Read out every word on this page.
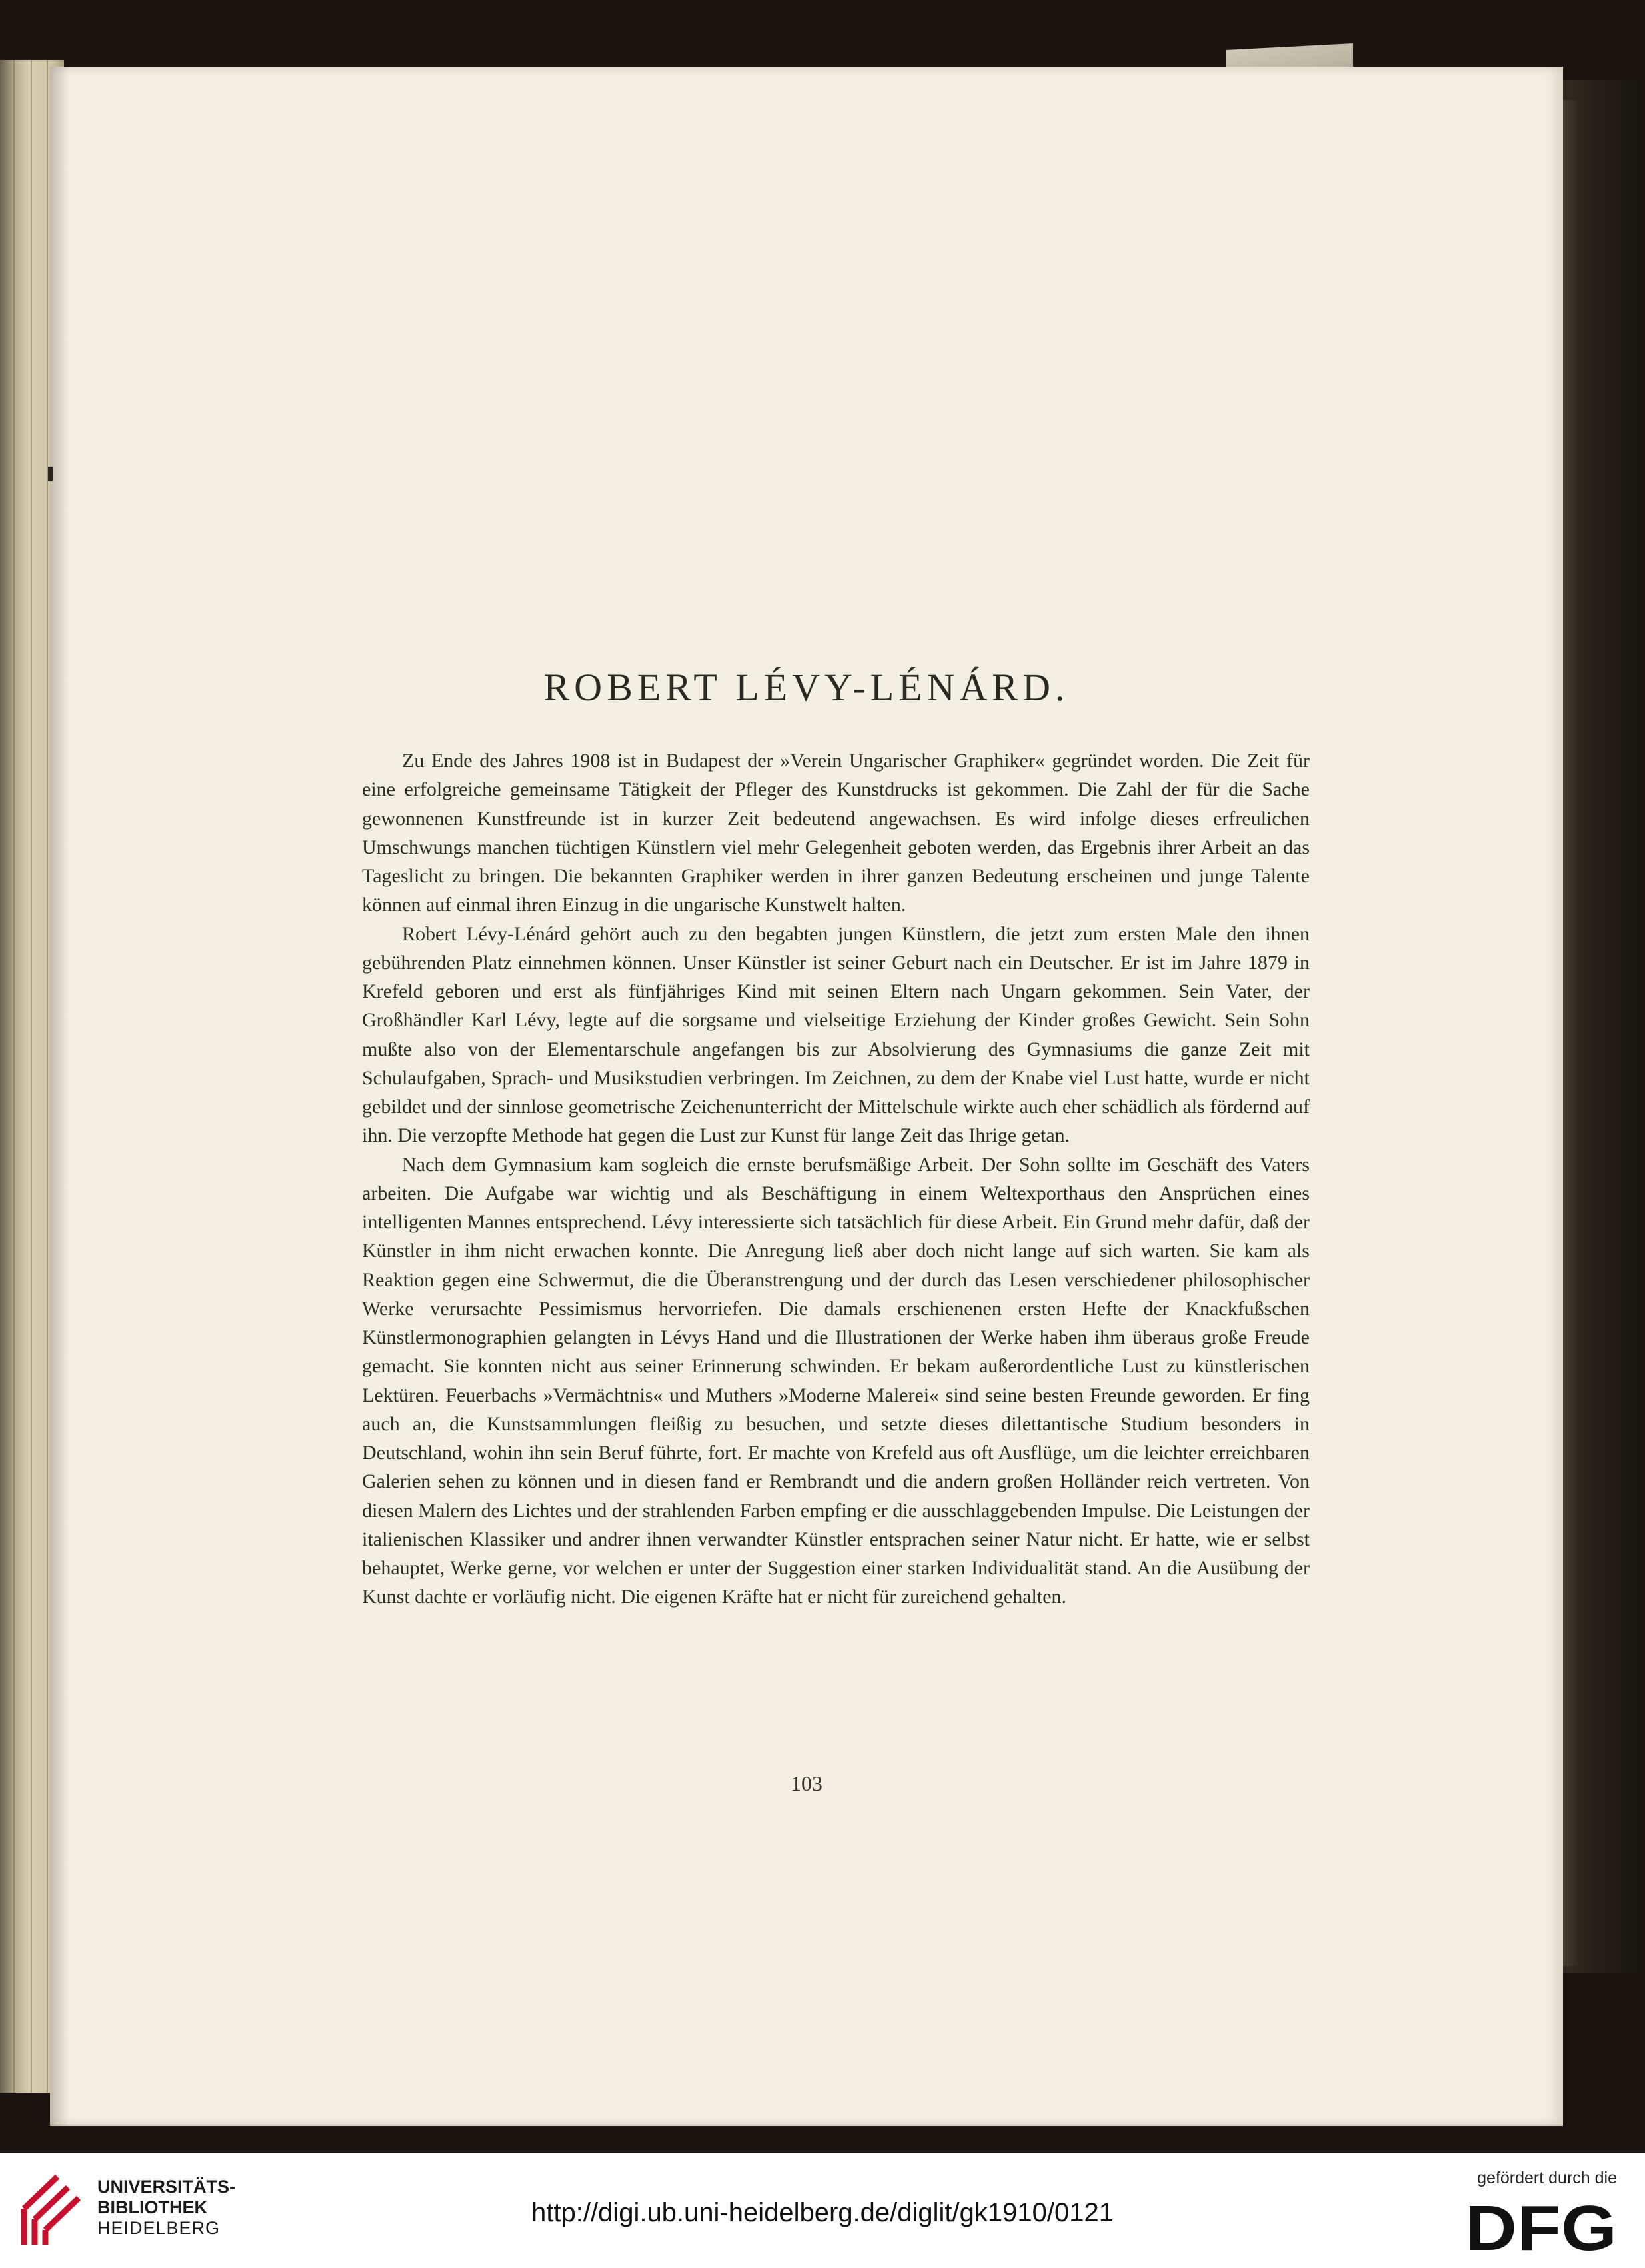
ROBERT LÉVY-LÉNÁRD.

Zu Ende des Jahres 1908 ist in Budapest der »Verein Ungarischer Graphiker« gegründet worden. Die Zeit für eine erfolgreiche gemeinsame Tätigkeit der Pfleger des Kunstdrucks ist gekommen. Die Zahl der für die Sache gewonnenen Kunstfreunde ist in kurzer Zeit bedeutend angewachsen. Es wird infolge dieses erfreulichen Umschwungs manchen tüchtigen Künstlern viel mehr Gelegenheit geboten werden, das Ergebnis ihrer Arbeit an das Tageslicht zu bringen. Die bekannten Graphiker werden in ihrer ganzen Bedeutung erscheinen und junge Talente können auf einmal ihren Einzug in die ungarische Kunstwelt halten.

Robert Lévy-Lénárd gehört auch zu den begabten jungen Künstlern, die jetzt zum ersten Male den ihnen gebührenden Platz einnehmen können. Unser Künstler ist seiner Geburt nach ein Deutscher. Er ist im Jahre 1879 in Krefeld geboren und erst als fünfjähriges Kind mit seinen Eltern nach Ungarn gekommen. Sein Vater, der Großhändler Karl Lévy, legte auf die sorgsame und vielseitige Erziehung der Kinder großes Gewicht. Sein Sohn mußte also von der Elementarschule angefangen bis zur Absolvierung des Gymnasiums die ganze Zeit mit Schulaufgaben, Sprach- und Musikstudien verbringen. Im Zeichnen, zu dem der Knabe viel Lust hatte, wurde er nicht gebildet und der sinnlose geometrische Zeichenunterricht der Mittelschule wirkte auch eher schädlich als fördernd auf ihn. Die verzopfte Methode hat gegen die Lust zur Kunst für lange Zeit das Ihrige getan.

Nach dem Gymnasium kam sogleich die ernste berufsmäßige Arbeit. Der Sohn sollte im Geschäft des Vaters arbeiten. Die Aufgabe war wichtig und als Beschäftigung in einem Weltexporthaus den Ansprüchen eines intelligenten Mannes entsprechend. Lévy interessierte sich tatsächlich für diese Arbeit. Ein Grund mehr dafür, daß der Künstler in ihm nicht erwachen konnte. Die Anregung ließ aber doch nicht lange auf sich warten. Sie kam als Reaktion gegen eine Schwermut, die die Überanstrengung und der durch das Lesen verschiedener philosophischer Werke verursachte Pessimismus hervorriefen. Die damals erschienenen ersten Hefte der Knackfußschen Künstlermonographien gelangten in Lévys Hand und die Illustrationen der Werke haben ihm überaus große Freude gemacht. Sie konnten nicht aus seiner Erinnerung schwinden. Er bekam außerordentliche Lust zu künstlerischen Lektüren. Feuerbachs »Vermächtnis« und Muthers »Moderne Malerei« sind seine besten Freunde geworden. Er fing auch an, die Kunstsammlungen fleißig zu besuchen, und setzte dieses dilettantische Studium besonders in Deutschland, wohin ihn sein Beruf führte, fort. Er machte von Krefeld aus oft Ausflüge, um die leichter erreichbaren Galerien sehen zu können und in diesen fand er Rembrandt und die andern großen Holländer reich vertreten. Von diesen Malern des Lichtes und der strahlenden Farben empfing er die ausschlaggebenden Impulse. Die Leistungen der italienischen Klassiker und andrer ihnen verwandter Künstler entsprachen seiner Natur nicht. Er hatte, wie er selbst behauptet, Werke gerne, vor welchen er unter der Suggestion einer starken Individualität stand. An die Ausübung der Kunst dachte er vorläufig nicht. Die eigenen Kräfte hat er nicht für zureichend gehalten.

103
UNIVERSITÄTS-
BIBLIOTHEK
HEIDELBERG
http://digi.ub.uni-heidelberg.de/diglit/gk1910/0121
gefördert durch die
DFG
